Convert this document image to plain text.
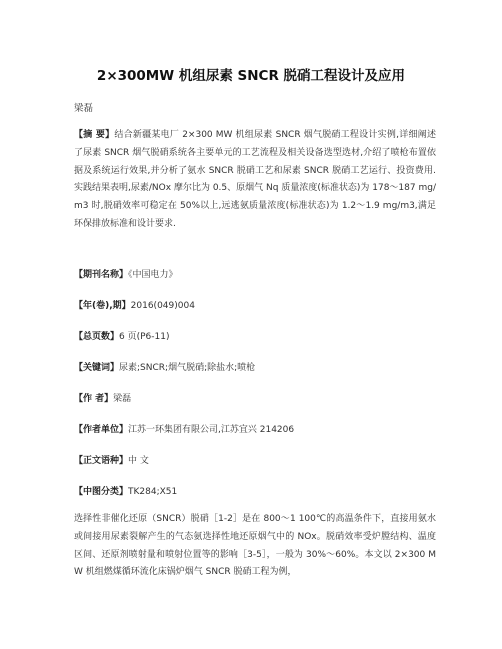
2×300MW 机组尿素 SNCR 脱硝工程设计及应用
梁磊
【摘 要】结合新疆某电厂 2×300 MW 机组尿素 SNCR 烟气脱硝工程设计实例,详细阐述了尿素 SNCR 烟气脱硝系统各主要单元的工艺流程及相关设备选型选材,介绍了喷枪布置依据及系统运行效果,并分析了氨水 SNCR 脱硝工艺和尿素 SNCR 脱硝工艺运行、投资费用.实践结果表明,尿素/NOx 摩尔比为 0.5、原烟气 Nq 质量浓度(标准状态)为 178～187 mg/m3 时,脱硝效率可稳定在 50%以上,远逃氨质量浓度(标准状态)为 1.2～1.9 mg/m3,满足环保排放标准和设计要求.
【期刊名称】《中国电力》
【年(卷),期】2016(049)004
【总页数】6 页(P6-11)
【关键词】尿素;SNCR;烟气脱硝;除盐水;喷枪
【作 者】梁磊
【作者单位】江苏一环集团有限公司,江苏宜兴 214206
【正文语种】中 文
【中图分类】TK284;X51
选择性非催化还原（SNCR）脱硝［1-2］是在 800～1 100℃的高温条件下，直接用氨水或间接用尿素裂解产生的气态氨选择性地还原烟气中的 NOx。脱硝效率受炉膛结构、温度区间、还原剂喷射量和喷射位置等的影响［3-5］，一般为 30%～60%。本文以 2×300 MW 机组燃煤循环流化床锅炉烟气 SNCR 脱硝工程为例，
